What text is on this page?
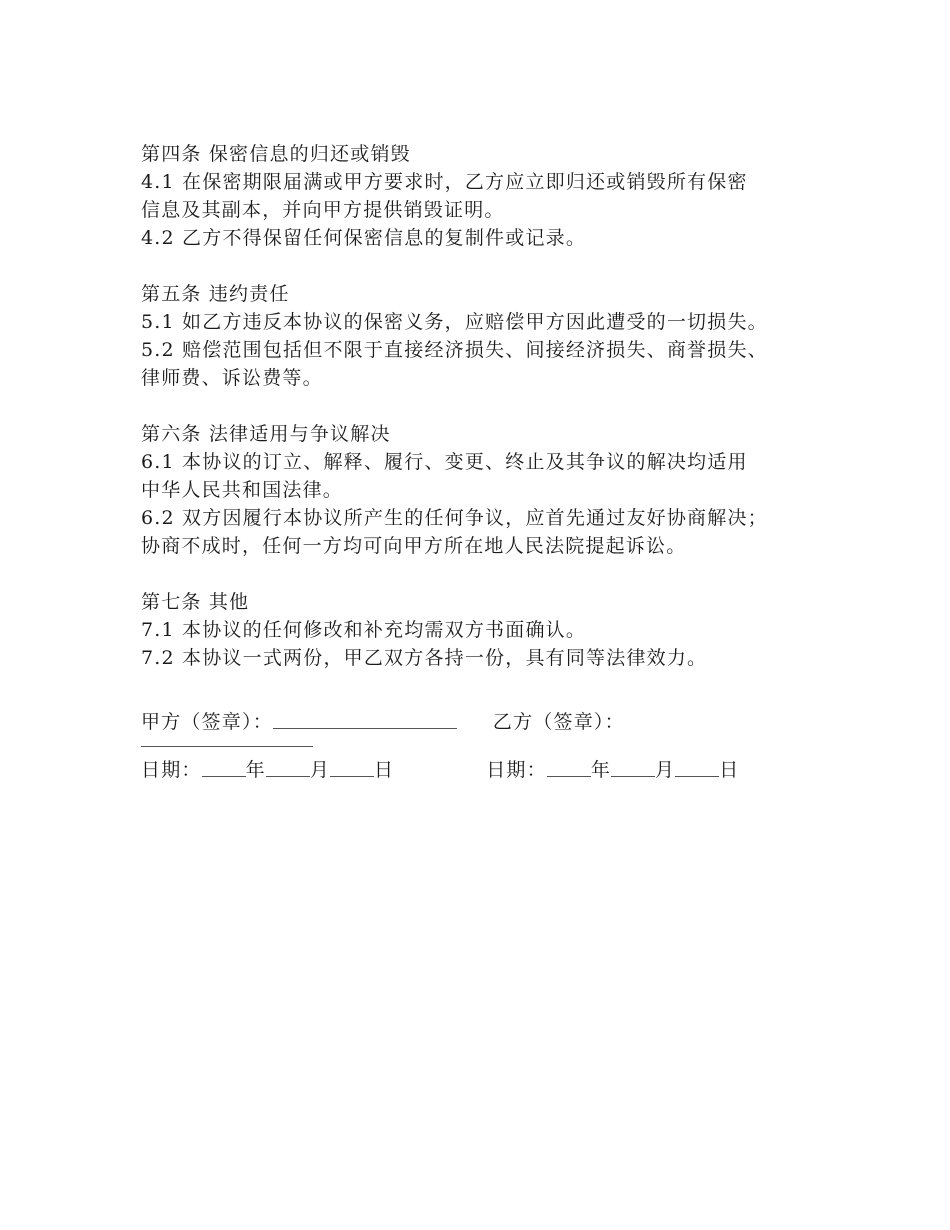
第四条 保密信息的归还或销毁
4.1 在保密期限届满或甲方要求时，乙方应立即归还或销毁所有保密
信息及其副本，并向甲方提供销毁证明。
4.2 乙方不得保留任何保密信息的复制件或记录。
第五条 违约责任
5.1 如乙方违反本协议的保密义务，应赔偿甲方因此遭受的一切损失。
5.2 赔偿范围包括但不限于直接经济损失、间接经济损失、商誉损失、
律师费、诉讼费等。
第六条 法律适用与争议解决
6.1 本协议的订立、解释、履行、变更、终止及其争议的解决均适用
中华人民共和国法律。
6.2 双方因履行本协议所产生的任何争议，应首先通过友好协商解决；
协商不成时，任何一方均可向甲方所在地人民法院提起诉讼。
第七条 其他
7.1 本协议的任何修改和补充均需双方书面确认。
7.2 本协议一式两份，甲乙双方各持一份，具有同等法律效力。
甲方（签章）：	乙方（签章）：
日期： 年 月 日	日期： 年 月 日
